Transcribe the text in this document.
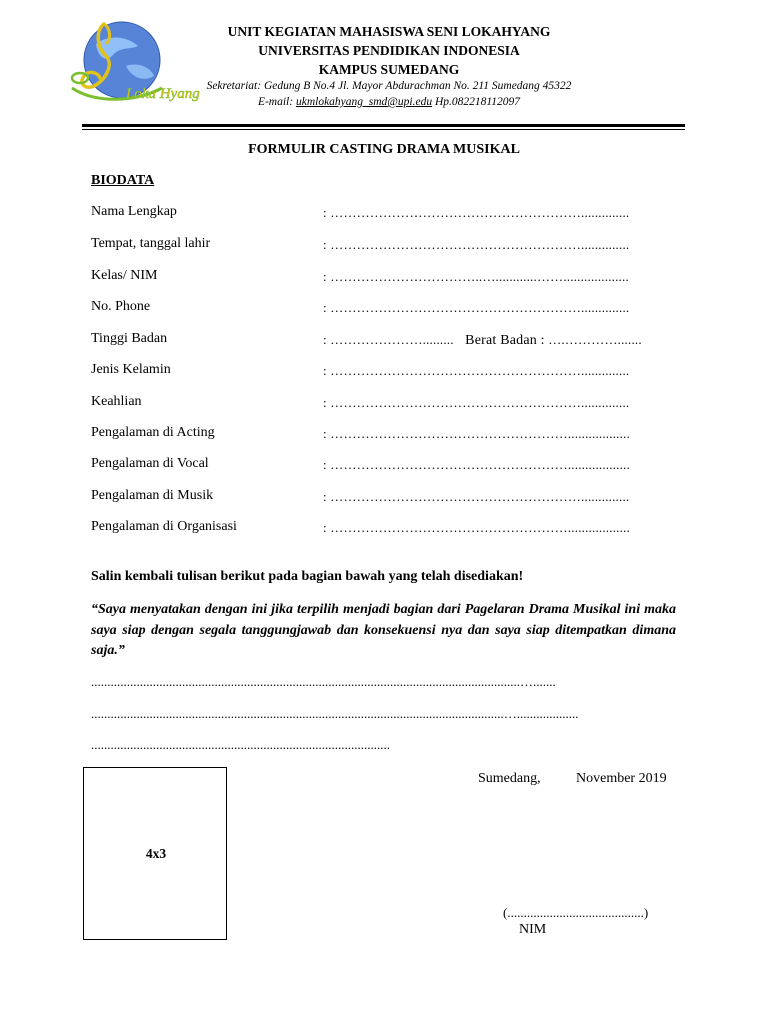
Loka Hyang
UNIT KEGIATAN MAHASISWA SENI LOKAHYANG
UNIVERSITAS PENDIDIKAN INDONESIA
KAMPUS SUMEDANG
Sekretariat: Gedung B No.4 Jl. Mayor Abdurachman No. 211 Sumedang 45322
E-mail: ukmlokahyang_smd@upi.edu Hp.082218112097
FORMULIR CASTING DRAMA MUSIKAL
BIODATA
Nama Lengkap	: …………………………………………………..............
Tempat, tanggal lahir	: …………………………………………………..............
Kelas/ NIM	: ……………………………..…............……...................
No. Phone	: …………………………………………………..............
Tinggi Badan	: …………………......... Berat Badan : ….………….......
Jenis Kelamin	: …………………………………………………..............
Keahlian	: …………………………………………………..............
Pengalaman di Acting	: ………………………………………………..................
Pengalaman di Vocal	: ………………………………………………..................
Pengalaman di Musik	: …………………………………………………..............
Pengalaman di Organisasi	: ………………………………………………..................
Salin kembali tulisan berikut pada bagian bawah yang telah disediakan!
“Saya menyatakan dengan ini jika terpilih menjadi bagian dari Pagelaran Drama Musikal ini maka saya siap dengan segala tanggungjawab dan konsekuensi nya dan saya siap ditempatkan dimana saja.”
....................................................................................................................................….......
...............................................................................................................................…...................
............................................................................................
4x3
Sumedang,	November 2019
(..........................................)
NIM
